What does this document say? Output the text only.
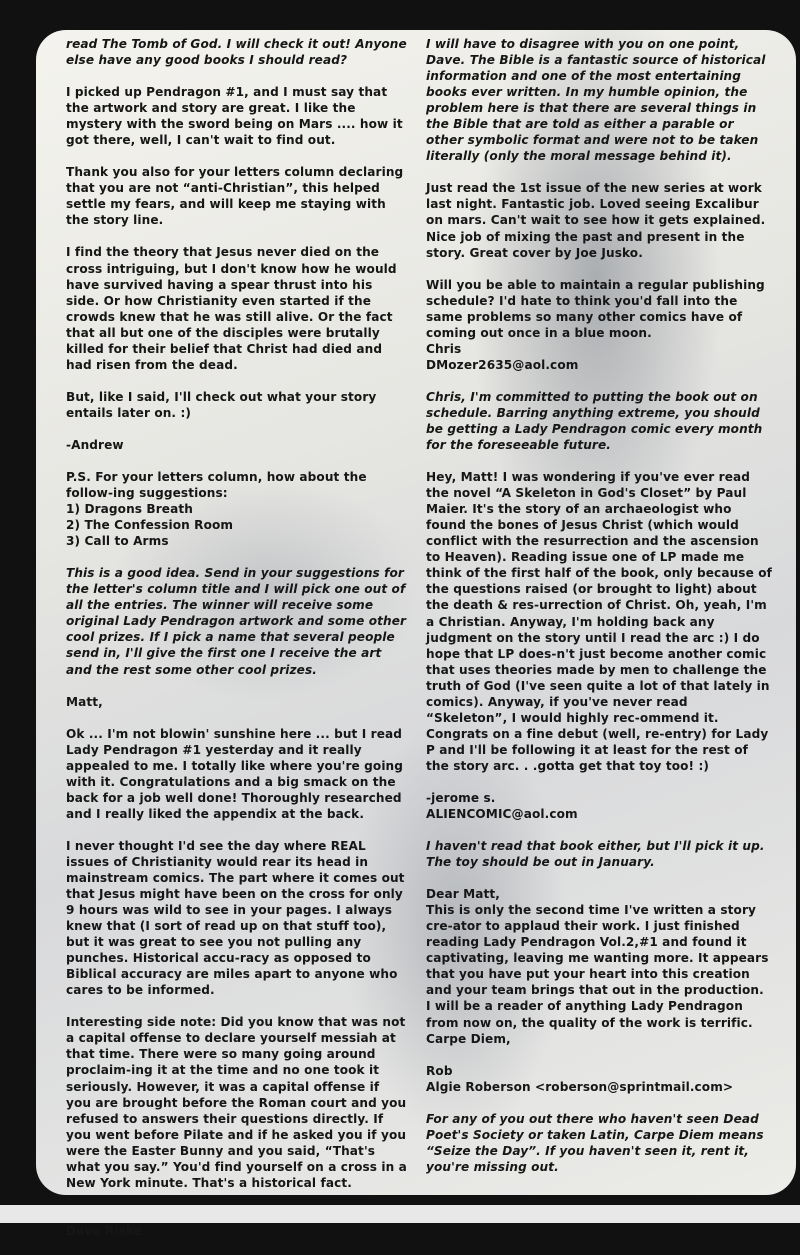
read The Tomb of God. I will check it out! Anyone else have any good books I should read?

I picked up Pendragon #1, and I must say that the artwork and story are great. I like the mystery with the sword being on Mars .... how it got there, well, I can't wait to find out.

Thank you also for your letters column declaring that you are not “anti-Christian”, this helped settle my fears, and will keep me staying with the story line.

I find the theory that Jesus never died on the cross intriguing, but I don't know how he would have survived having a spear thrust into his side. Or how Christianity even started if the crowds knew that he was still alive. Or the fact that all but one of the disciples were brutally killed for their belief that Christ had died and had risen from the dead.

But, like I said, I'll check out what your story entails later on. :)

-Andrew

P.S. For your letters column, how about the follow-ing suggestions:
1) Dragons Breath
2) The Confession Room
3) Call to Arms

This is a good idea. Send in your suggestions for the letter's column title and I will pick one out of all the entries. The winner will receive some original Lady Pendragon artwork and some other cool prizes. If I pick a name that several people send in, I'll give the first one I receive the art and the rest some other cool prizes.

Matt,

Ok ... I'm not blowin' sunshine here ... but I read Lady Pendragon #1 yesterday and it really appealed to me. I totally like where you're going with it. Congratulations and a big smack on the back for a job well done! Thoroughly researched and I really liked the appendix at the back.

I never thought I'd see the day where REAL issues of Christianity would rear its head in mainstream comics. The part where it comes out that Jesus might have been on the cross for only 9 hours was wild to see in your pages. I always knew that (I sort of read up on that stuff too), but it was great to see you not pulling any punches. Historical accu-racy as opposed to Biblical accuracy are miles apart to anyone who cares to be informed.

Interesting side note: Did you know that was not a capital offense to declare yourself messiah at that time. There were so many going around proclaim-ing it at the time and no one took it seriously. However, it was a capital offense if you are brought before the Roman court and you refused to answers their questions directly. If you went before Pilate and if he asked you if you were the Easter Bunny and you said, “That's what you say.” You'd find yourself on a cross in a New York minute. That's a historical fact.

Dave Riske

I will have to disagree with you on one point, Dave. The Bible is a fantastic source of historical information and one of the most entertaining books ever written. In my humble opinion, the problem here is that there are several things in the Bible that are told as either a parable or other symbolic format and were not to be taken literally (only the moral message behind it).

Just read the 1st issue of the new series at work last night. Fantastic job. Loved seeing Excalibur on mars. Can't wait to see how it gets explained. Nice job of mixing the past and present in the story. Great cover by Joe Jusko.

Will you be able to maintain a regular publishing schedule? I'd hate to think you'd fall into the same problems so many other comics have of coming out once in a blue moon.
Chris
DMozer2635@aol.com

Chris, I'm committed to putting the book out on schedule. Barring anything extreme, you should be getting a Lady Pendragon comic every month for the foreseeable future.

Hey, Matt! I was wondering if you've ever read the novel “A Skeleton in God's Closet” by Paul Maier. It's the story of an archaeologist who found the bones of Jesus Christ (which would conflict with the resurrection and the ascension to Heaven). Reading issue one of LP made me think of the first half of the book, only because of the questions raised (or brought to light) about the death & res-urrection of Christ. Oh, yeah, I'm a Christian. Anyway, I'm holding back any judgment on the story until I read the arc :) I do hope that LP does-n't just become another comic that uses theories made by men to challenge the truth of God (I've seen quite a lot of that lately in comics). Anyway, if you've never read “Skeleton”, I would highly rec-ommend it. Congrats on a fine debut (well, re-entry) for Lady P and I'll be following it at least for the rest of the story arc. . .gotta get that toy too! :)

-jerome s.
ALIENCOMIC@aol.com

I haven't read that book either, but I'll pick it up. The toy should be out in January.

Dear Matt,
This is only the second time I've written a story cre-ator to applaud their work. I just finished reading Lady Pendragon Vol.2,#1 and found it captivating, leaving me wanting more. It appears that you have put your heart into this creation and your team brings that out in the production. I will be a reader of anything Lady Pendragon from now on, the quality of the work is terrific.
Carpe Diem,

Rob
Algie Roberson <roberson@sprintmail.com>

For any of you out there who haven't seen Dead Poet's Society or taken Latin, Carpe Diem means “Seize the Day”. If you haven't seen it, rent it, you're missing out.
